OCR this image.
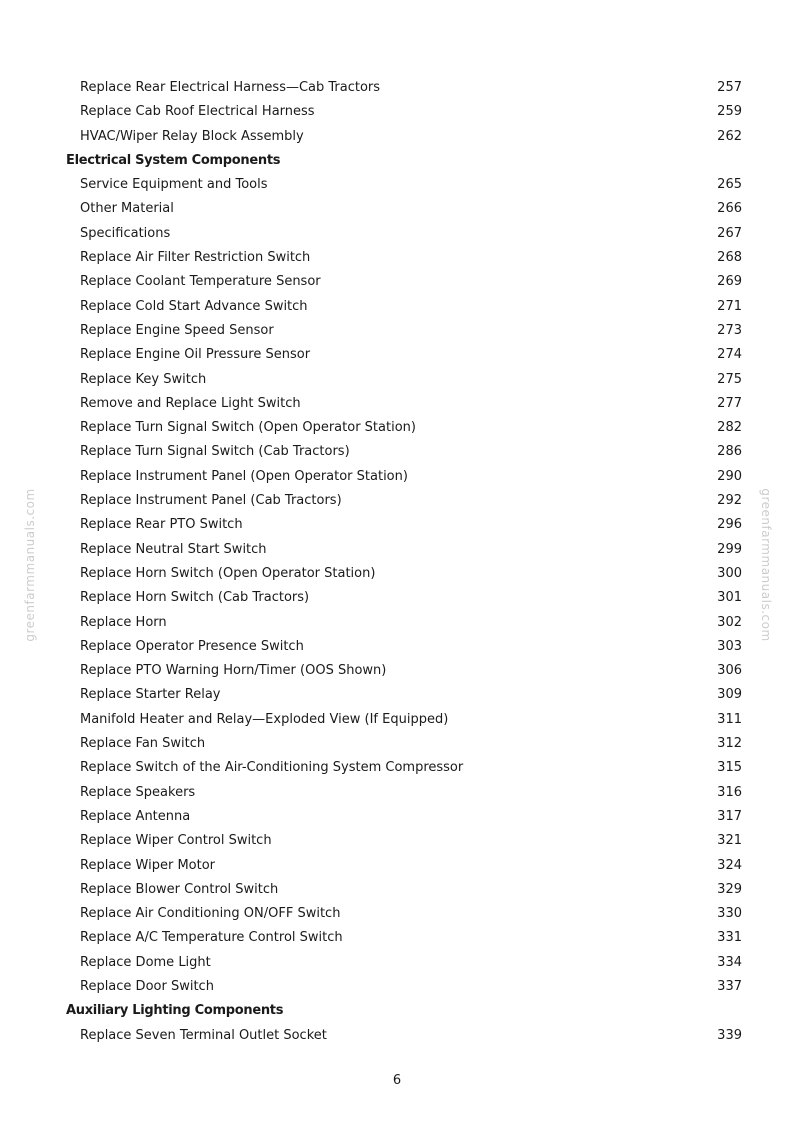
Replace Rear Electrical Harness—Cab Tractors	257
Replace Cab Roof Electrical Harness	259
HVAC/Wiper Relay Block Assembly	262
Electrical System Components
Service Equipment and Tools	265
Other Material	266
Specifications	267
Replace Air Filter Restriction Switch	268
Replace Coolant Temperature Sensor	269
Replace Cold Start Advance Switch	271
Replace Engine Speed Sensor	273
Replace Engine Oil Pressure Sensor	274
Replace Key Switch	275
Remove and Replace Light Switch	277
Replace Turn Signal Switch (Open Operator Station)	282
Replace Turn Signal Switch (Cab Tractors)	286
Replace Instrument Panel (Open Operator Station)	290
Replace Instrument Panel (Cab Tractors)	292
Replace Rear PTO Switch	296
Replace Neutral Start Switch	299
Replace Horn Switch (Open Operator Station)	300
Replace Horn Switch (Cab Tractors)	301
Replace Horn	302
Replace Operator Presence Switch	303
Replace PTO Warning Horn/Timer (OOS Shown)	306
Replace Starter Relay	309
Manifold Heater and Relay—Exploded View (If Equipped)	311
Replace Fan Switch	312
Replace Switch of the Air-Conditioning System Compressor	315
Replace Speakers	316
Replace Antenna	317
Replace Wiper Control Switch	321
Replace Wiper Motor	324
Replace Blower Control Switch	329
Replace Air Conditioning ON/OFF Switch	330
Replace A/C Temperature Control Switch	331
Replace Dome Light	334
Replace Door Switch	337
Auxiliary Lighting Components
Replace Seven Terminal Outlet Socket	339
greenfarmmanuals.com	greenfarmmanuals.com
6
